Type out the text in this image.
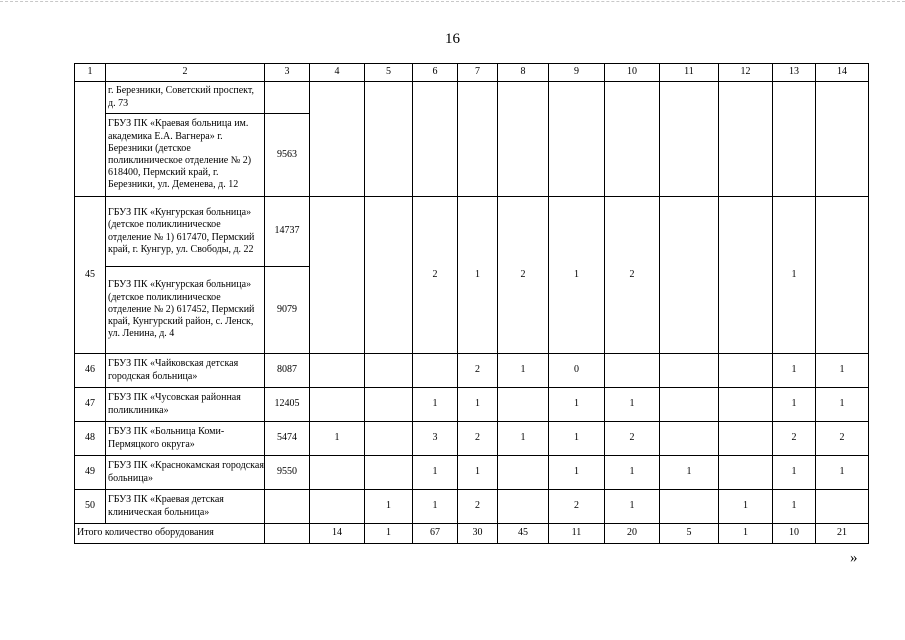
16
1	2	3	4	5	6	7	8	9	10	11	12	13	14
	г. Березники, Советский проспект, д. 73												
	ГБУЗ ПК «Краевая больница им. академика Е.А. Вагнера» г. Березники (детское поликлиническое отделение № 2) 618400, Пермский край, г. Березники, ул. Деменева, д. 12	9563											
45	ГБУЗ ПК «Кунгурская больница» (детское поликлиническое отделение № 1) 617470, Пермский край, г. Кунгур, ул. Свободы, д. 22	14737			2	1	2	1	2			1	
	ГБУЗ ПК «Кунгурская больница» (детское поликлиническое отделение № 2) 617452, Пермский край, Кунгурский район, с. Ленск, ул. Ленина, д. 4	9079											
46	ГБУЗ ПК «Чайковская детская городская больница»	8087				2	1	0				1	1
47	ГБУЗ ПК «Чусовская районная поликлиника»	12405			1	1		1	1			1	1
48	ГБУЗ ПК «Больница Коми-Пермяцкого округа»	5474	1		3	2	1	1	2			2	2
49	ГБУЗ ПК «Краснокамская городская больница»	9550			1	1		1	1	1		1	1
50	ГБУЗ ПК «Краевая детская клиническая больница»			1	1	2		2	1		1	1	
Итого количество оборудования			14	1	67	30	45	11	20	5	1	10	21
»
